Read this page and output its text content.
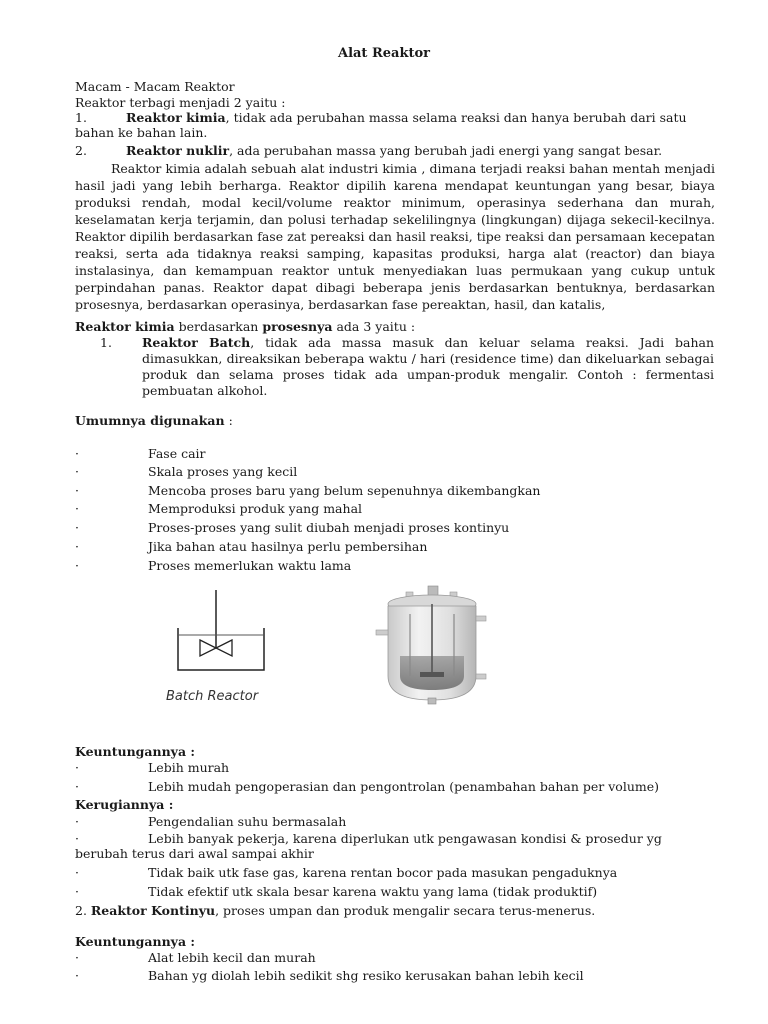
Alat Reaktor
Macam - Macam Reaktor
Reaktor terbagi menjadi 2 yaitu :
1.	Reaktor kimia, tidak ada perubahan massa selama reaksi dan hanya berubah dari satu
bahan ke bahan lain.
2.	Reaktor nuklir, ada perubahan massa yang berubah jadi energi yang sangat besar.
Reaktor kimia adalah sebuah alat industri kimia , dimana terjadi reaksi bahan mentah menjadi hasil jadi yang lebih berharga. Reaktor dipilih karena mendapat keuntungan yang besar, biaya produksi rendah, modal kecil/volume reaktor minimum, operasinya sederhana dan murah, keselamatan kerja terjamin, dan polusi terhadap sekelilingnya (lingkungan) dijaga sekecil-kecilnya. Reaktor dipilih berdasarkan fase zat pereaksi dan hasil reaksi, tipe reaksi dan persamaan kecepatan reaksi, serta ada tidaknya reaksi samping, kapasitas produksi, harga alat (reactor) dan biaya instalasinya, dan kemampuan reaktor untuk menyediakan luas permukaan yang cukup untuk perpindahan panas. Reaktor dapat dibagi beberapa jenis berdasarkan bentuknya, berdasarkan prosesnya, berdasarkan operasinya, berdasarkan fase pereaktan, hasil, dan katalis,
Reaktor kimia berdasarkan prosesnya ada 3 yaitu :
1. Reaktor Batch, tidak ada massa masuk dan keluar selama reaksi. Jadi bahan dimasukkan, direaksikan beberapa waktu / hari (residence time) dan dikeluarkan sebagai produk dan selama proses tidak ada umpan-produk mengalir. Contoh : fermentasi pembuatan alkohol.
Umumnya digunakan :
·	Fase cair
·	Skala proses yang kecil
·	Mencoba proses baru yang belum sepenuhnya dikembangkan
·	Memproduksi produk yang mahal
·	Proses-proses yang sulit diubah menjadi proses kontinyu
·	Jika bahan atau hasilnya perlu pembersihan
·	Proses memerlukan waktu lama
Batch Reactor
Keuntungannya :
·	Lebih murah
·	Lebih mudah pengoperasian dan pengontrolan (penambahan bahan per volume)
Kerugiannya :
·	Pengendalian suhu bermasalah
·	Lebih banyak pekerja, karena diperlukan utk pengawasan kondisi & prosedur yg
berubah terus dari awal sampai akhir
·	Tidak baik utk fase gas, karena rentan bocor pada masukan pengaduknya
·	Tidak efektif utk skala besar karena waktu yang lama (tidak produktif)
2. Reaktor Kontinyu, proses umpan dan produk mengalir secara terus-menerus.
Keuntungannya :
·	Alat lebih kecil dan murah
·	Bahan yg diolah lebih sedikit shg resiko kerusakan bahan lebih kecil
